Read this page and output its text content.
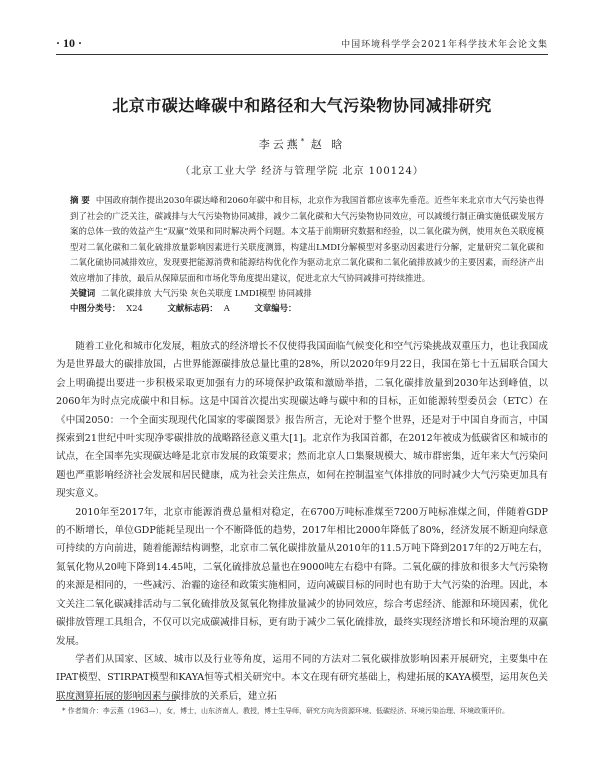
· 10 ·	中国环境科学学会2021年科学技术年会论文集
北京市碳达峰碳中和路径和大气污染物协同减排研究
李云燕* 赵 晗
（北京工业大学 经济与管理学院 北京 100124）
摘 要 中国政府制作提出2030年碳达峰和2060年碳中和目标，北京作为我国首都应该率先垂范。近些年来北京市大气污染也得到了社会的广泛关注，碳减排与大气污染物协同减排，减少二氧化碳和大气污染物协同效应，可以减缓行制正确实施低碳发展方案的总体一致的效益产生“双赢”效果和同时解决两个问题。本文基于前期研究数据和经验，以二氧化碳为例，使用灰色关联度模型对二氧化碳和二氧化硫排放量影响因素进行关联度测算，构建出LMDI分解模型对多驱动因素进行分解，定量研究二氧化碳和二氧化硫协同减排效应，发现要把能源消费和能源结构优化作为驱动北京二氧化碳和二氧化硫排放减少的主要因素，而经济产出效应增加了排放，最后从保障层面和市场化等角度提出建议，促进北京大气协同减排可持续推进。
关键词 二氧化碳排放 大气污染 灰色关联度 LMDI模型 协同减排
中图分类号： X24	文献标志码： A	文章编号：

随着工业化和城市化发展，粗放式的经济增长不仅使得我国面临气候变化和空气污染挑战双重压力，也让我国成为是世界最大的碳排放国，占世界能源碳排放总量比重的28%，所以2020年9月22日，我国在第七十五届联合国大会上明确提出要进一步积极采取更加强有力的环境保护政策和激励举措，二氧化碳排放量到2030年达到峰值，以2060年为时点完成碳中和目标。这是中国首次提出实现碳达峰与碳中和的目标，正如能源转型委员会（ETC）在《中国2050：一个全面实现现代化国家的零碳图景》报告所言，无论对于整个世界，还是对于中国自身而言，中国探索到21世纪中叶实现净零碳排放的战略路径意义重大[1]。北京作为我国首都，在2012年被成为低碳省区和城市的试点，在全国率先实现碳达峰是北京市发展的政策要求；然而北京人口集聚规模大、城市群密集，近年来大气污染问题也严重影响经济社会发展和居民健康，成为社会关注焦点，如何在控制温室气体排放的同时减少大气污染更加具有现实意义。

2010年至2017年，北京市能源消费总量相对稳定，在6700万吨标准煤至7200万吨标准煤之间，伴随着GDP的不断增长，单位GDP能耗呈现出一个不断降低的趋势，2017年相比2000年降低了80%，经济发展不断迎向绿意可持续的方向前进，随着能源结构调整，北京市二氧化碳排放量从2010年的11.5万吨下降到2017年的2万吨左右，氮氧化物从20吨下降到14.45吨，二氧化硫排放总量也在9000吨左右稳中有降。二氧化碳的排放和很多大气污染物的来源是相同的，一些减污、治霾的途径和政策实施相同，迈向减碳目标的同时也有助于大气污染的治理。因此，本文关注二氧化碳减排活动与二氧化硫排放及氮氧化物排放量减少的协同效应，综合考虑经济、能源和环境因素，优化碳排放管理工具组合，不仅可以完成碳减排目标，更有助于减少二氧化硫排放，最终实现经济增长和环境治理的双赢发展。

学者们从国家、区域、城市以及行业等角度，运用不同的方法对二氧化碳排放影响因素开展研究，主要集中在IPAT模型、STIRPAT模型和KAYA恒等式相关研究中。本文在现有研究基础上，构建拓展的KAYA模型，运用灰色关联度测算拓展的影响因素与碳排放的关系后，建立拓

* 作者简介：李云燕（1963—），女，博士，山东济南人，教授，博士生导师，研究方向为资源环境、低碳经济、环境污染治理、环境政策评价。
